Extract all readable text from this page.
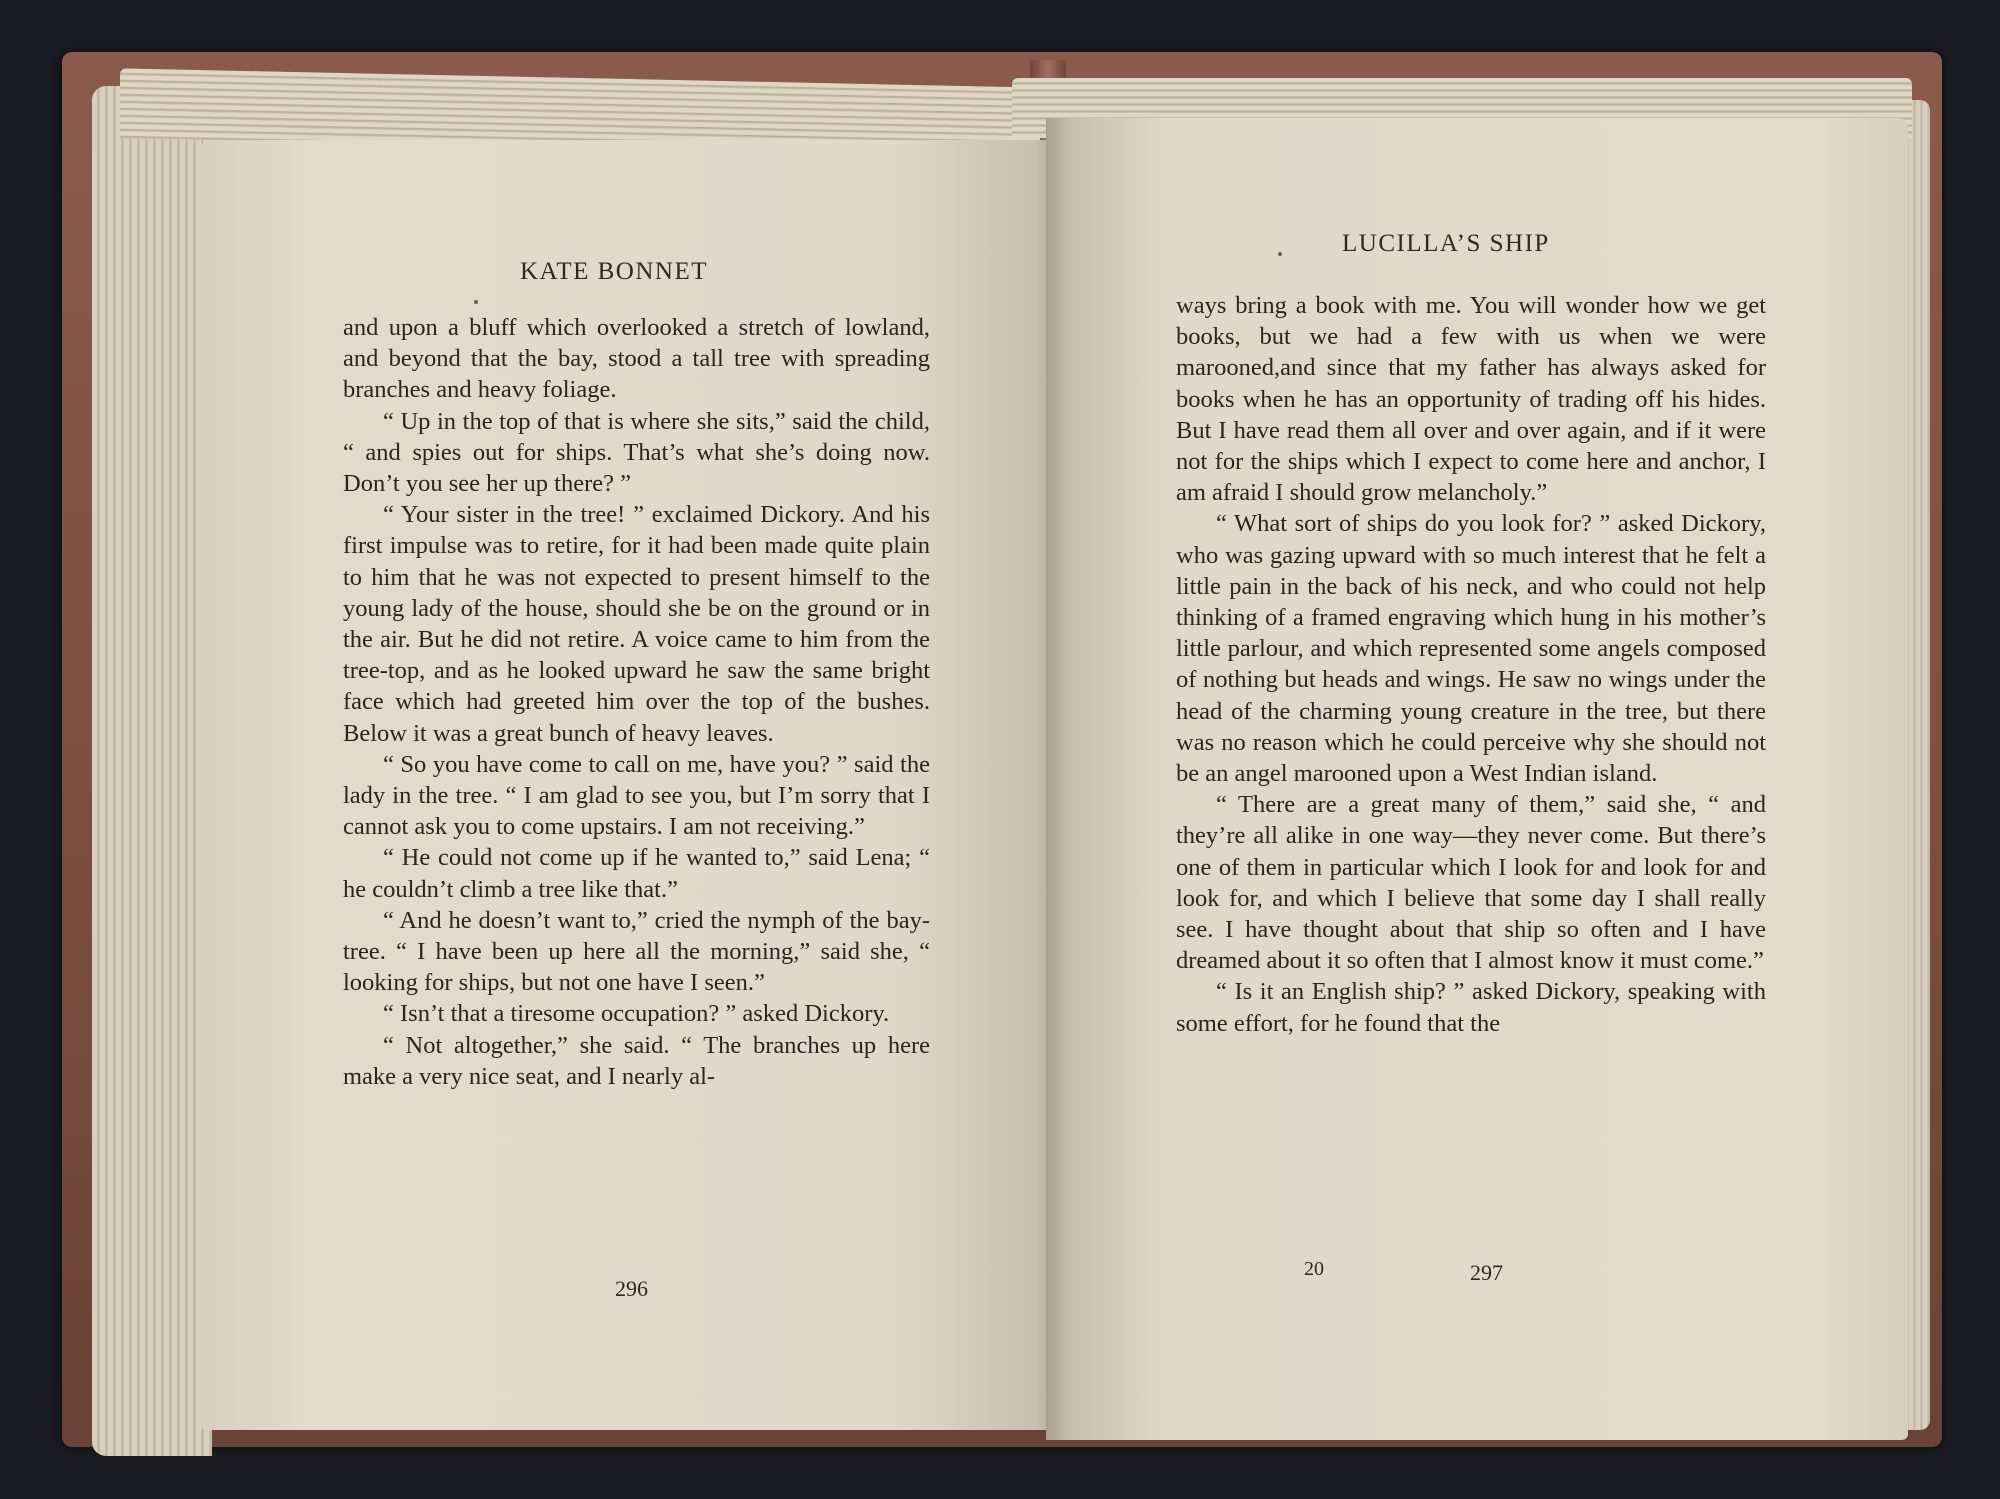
KATE BONNET

and upon a bluff which overlooked a stretch of lowland, and beyond that the bay, stood a tall tree with spreading branches and heavy foliage.

“ Up in the top of that is where she sits,” said the child, “ and spies out for ships. That’s what she’s doing now. Don’t you see her up there? ”

“ Your sister in the tree! ” exclaimed Dickory. And his first impulse was to retire, for it had been made quite plain to him that he was not expected to present himself to the young lady of the house, should she be on the ground or in the air. But he did not retire. A voice came to him from the tree-top, and as he looked upward he saw the same bright face which had greeted him over the top of the bushes. Below it was a great bunch of heavy leaves.

“ So you have come to call on me, have you? ” said the lady in the tree. “ I am glad to see you, but I’m sorry that I cannot ask you to come upstairs. I am not receiving.”

“ He could not come up if he wanted to,” said Lena; “ he couldn’t climb a tree like that.”

“ And he doesn’t want to,” cried the nymph of the bay-tree. “ I have been up here all the morning,” said she, “ looking for ships, but not one have I seen.”

“ Isn’t that a tiresome occupation? ” asked Dickory.

“ Not altogether,” she said. “ The branches up here make a very nice seat, and I nearly al-

296
LUCILLA’S SHIP

ways bring a book with me. You will wonder how we get books, but we had a few with us when we were marooned,and since that my father has always asked for books when he has an opportunity of trading off his hides. But I have read them all over and over again, and if it were not for the ships which I expect to come here and anchor, I am afraid I should grow melancholy.”

“ What sort of ships do you look for? ” asked Dickory, who was gazing upward with so much interest that he felt a little pain in the back of his neck, and who could not help thinking of a framed engraving which hung in his mother’s little parlour, and which represented some angels composed of nothing but heads and wings. He saw no wings under the head of the charming young creature in the tree, but there was no reason which he could perceive why she should not be an angel marooned upon a West Indian island.

“ There are a great many of them,” said she, “ and they’re all alike in one way—they never come. But there’s one of them in particular which I look for and look for and look for, and which I believe that some day I shall really see. I have thought about that ship so often and I have dreamed about it so often that I almost know it must come.”

“ Is it an English ship? ” asked Dickory, speaking with some effort, for he found that the

20	297
